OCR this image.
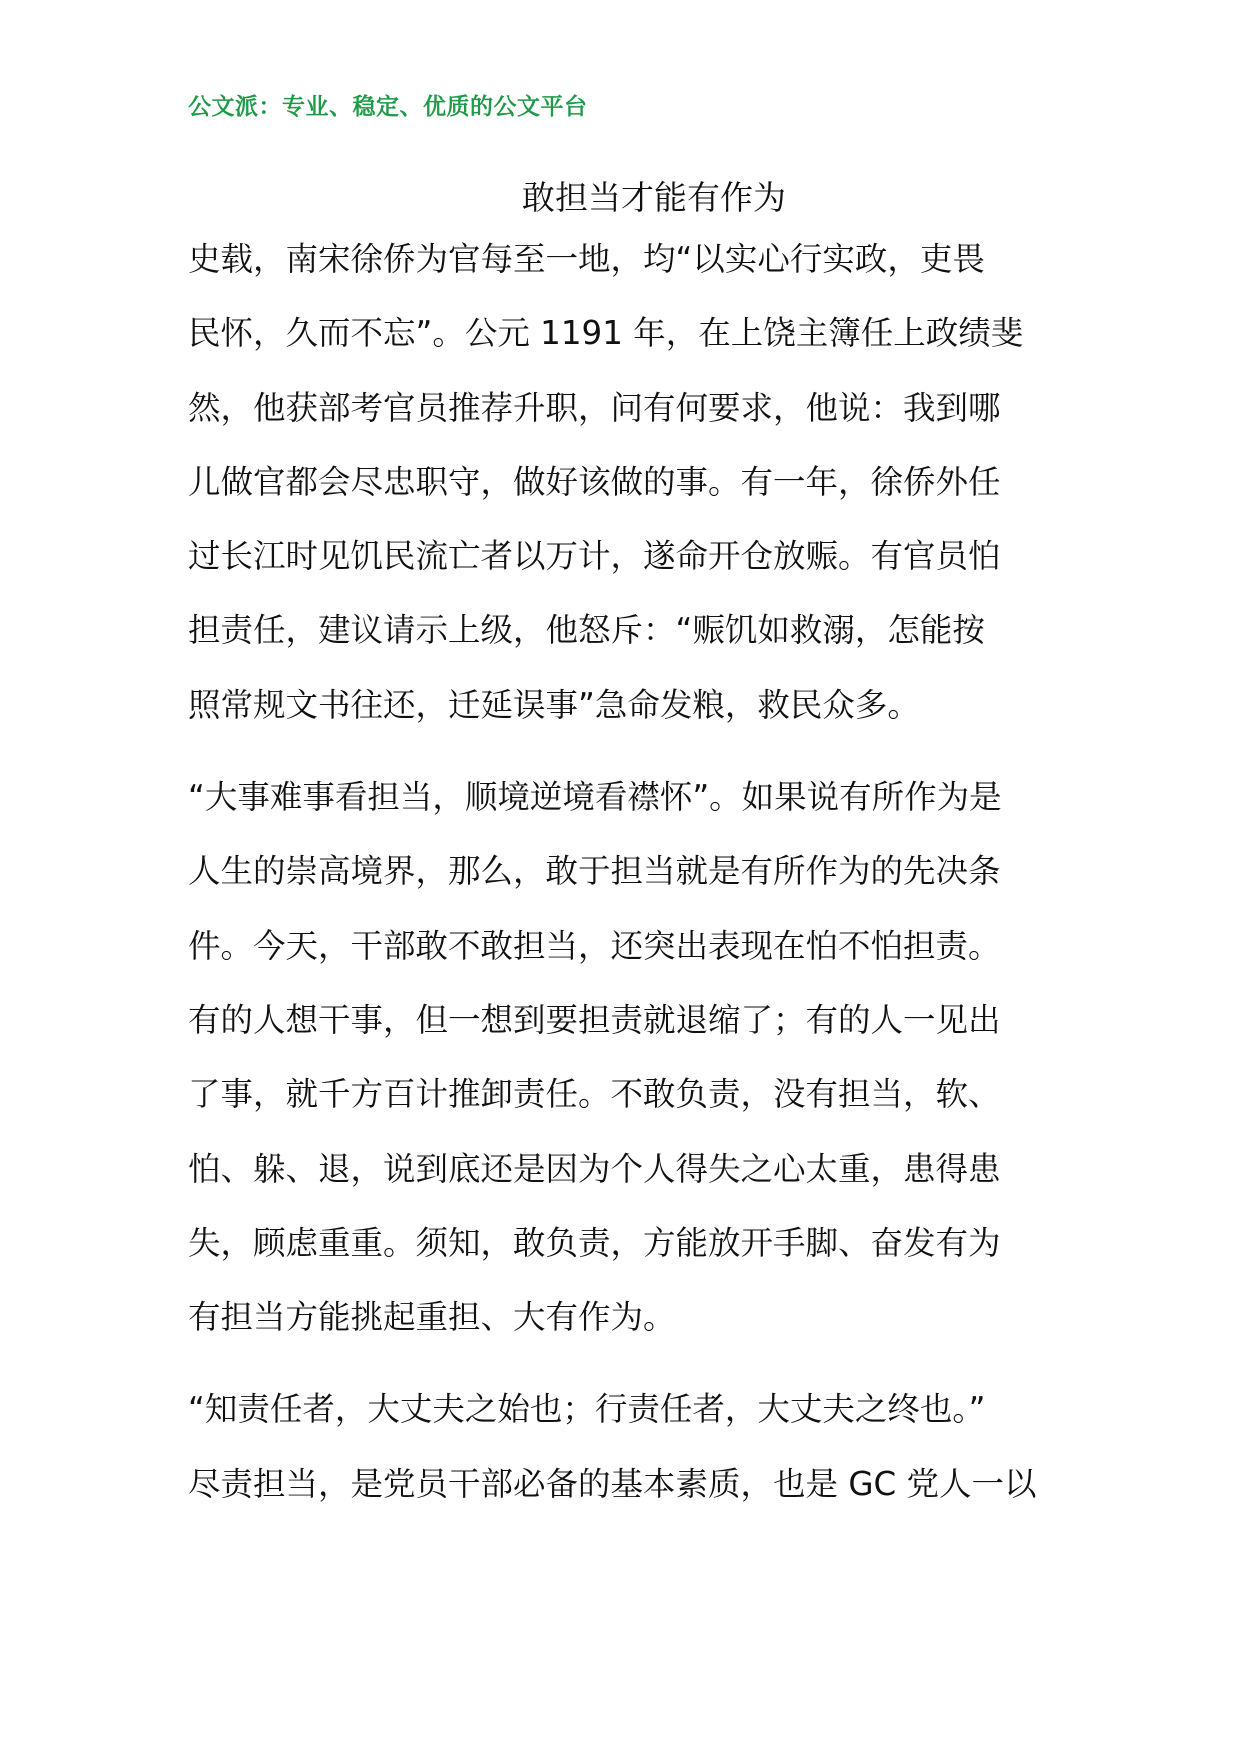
公文派：专业、稳定、优质的公文平台
敢担当才能有作为
史载，南宋徐侨为官每至一地，均“以实心行实政，吏畏
民怀，久而不忘”。公元 1191 年，在上饶主簿任上政绩斐
然，他获部考官员推荐升职，问有何要求，他说：我到哪
儿做官都会尽忠职守，做好该做的事。有一年，徐侨外任
过长江时见饥民流亡者以万计，遂命开仓放赈。有官员怕
担责任，建议请示上级，他怒斥：“赈饥如救溺，怎能按
照常规文书往还，迁延误事”急命发粮，救民众多。
“大事难事看担当，顺境逆境看襟怀”。如果说有所作为是
人生的崇高境界，那么，敢于担当就是有所作为的先决条
件。今天，干部敢不敢担当，还突出表现在怕不怕担责。
有的人想干事，但一想到要担责就退缩了；有的人一见出
了事，就千方百计推卸责任。不敢负责，没有担当，软、
怕、躲、退，说到底还是因为个人得失之心太重，患得患
失，顾虑重重。须知，敢负责，方能放开手脚、奋发有为
有担当方能挑起重担、大有作为。
“知责任者，大丈夫之始也；行责任者，大丈夫之终也。”
尽责担当，是党员干部必备的基本素质，也是 GC 党人一以
